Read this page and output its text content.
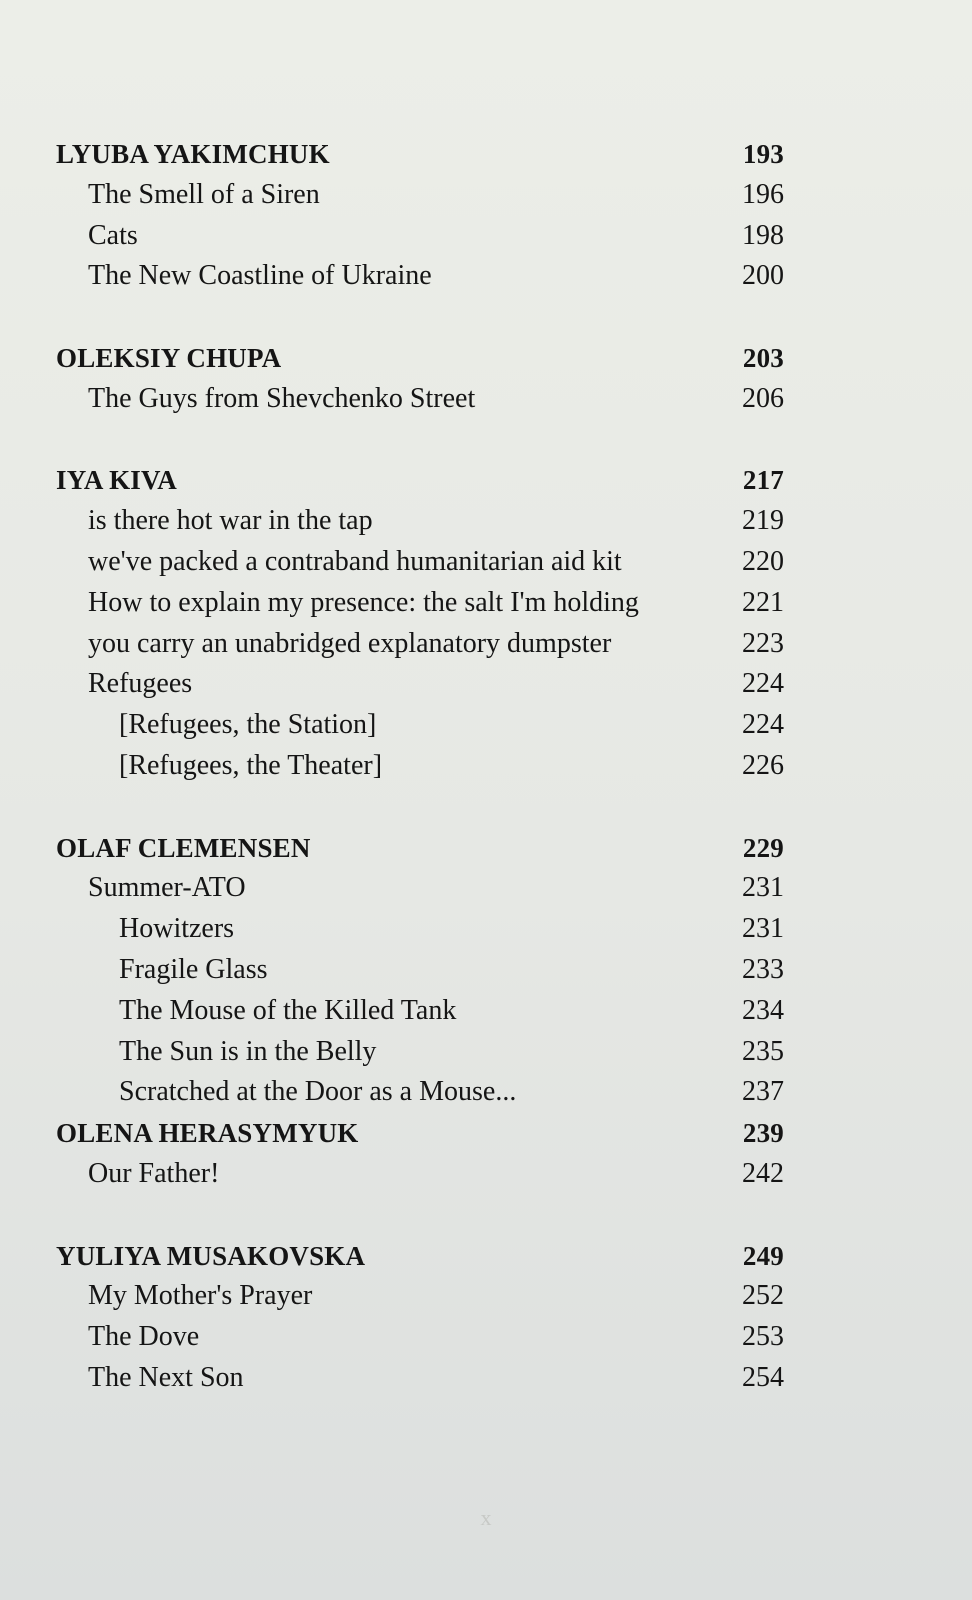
LYUBA YAKIMCHUK	193
The Smell of a Siren	196
Cats	198
The New Coastline of Ukraine	200
OLEKSIY CHUPA	203
The Guys from Shevchenko Street	206
IYA KIVA	217
is there hot war in the tap	219
we've packed a contraband humanitarian aid kit	220
How to explain my presence: the salt I'm holding	221
you carry an unabridged explanatory dumpster	223
Refugees	224
[Refugees, the Station]	224
[Refugees, the Theater]	226
OLAF CLEMENSEN	229
Summer-ATO	231
Howitzers	231
Fragile Glass	233
The Mouse of the Killed Tank	234
The Sun is in the Belly	235
Scratched at the Door as a Mouse...	237
OLENA HERASYMYUK	239
Our Father!	242
YULIYA MUSAKOVSKA	249
My Mother's Prayer	252
The Dove	253
The Next Son	254
x
